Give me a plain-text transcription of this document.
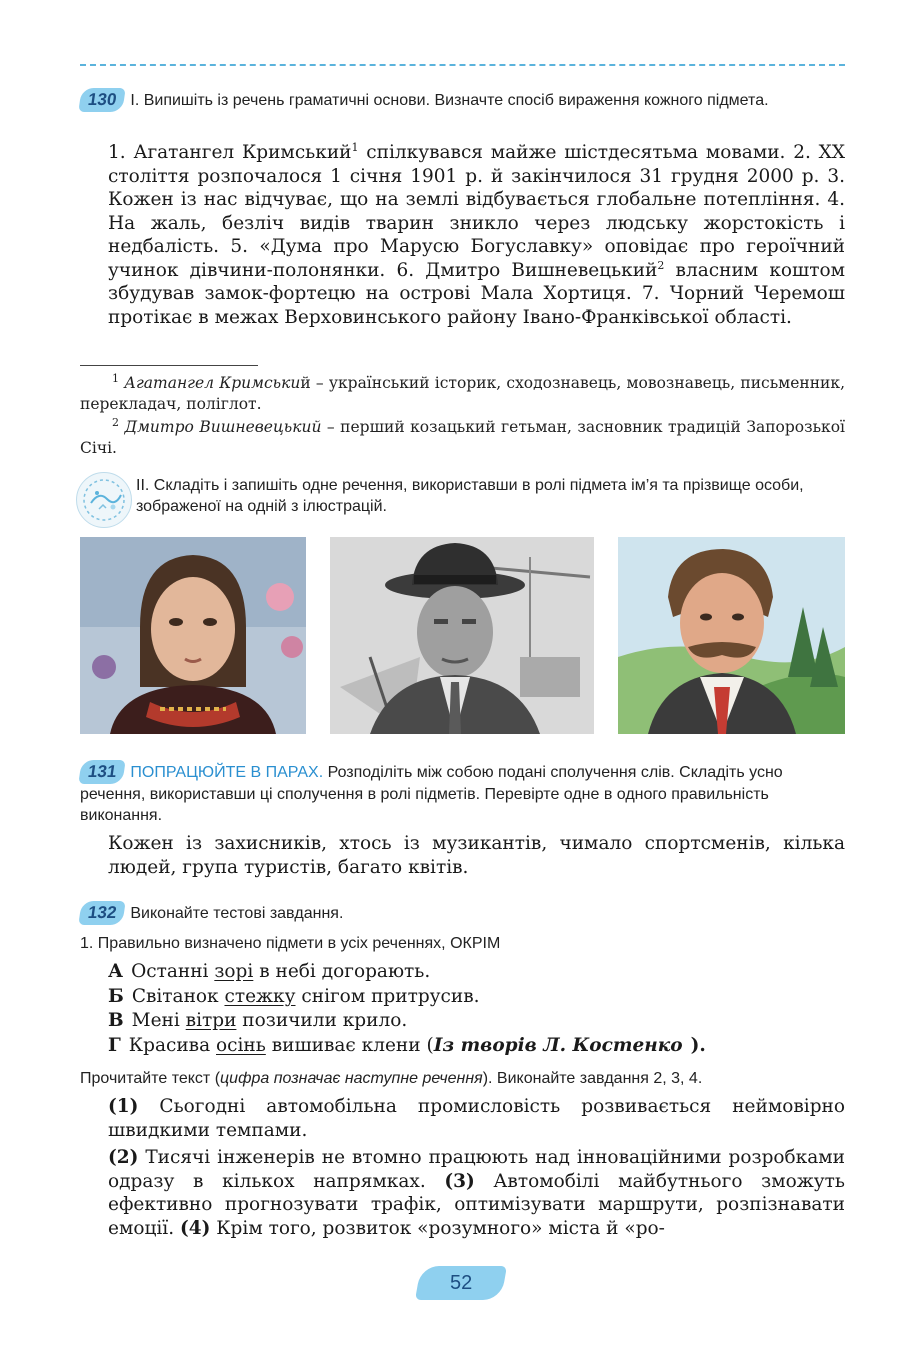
130 I. Випишіть із речень граматичні основи. Визначте спосіб вираження кожного підмета.
1. Агатангел Кримський$^1$ спілкувався майже шістдесятьма мовами. 2. XX століття розпочалося 1 січня 1901 р. й закінчилося 31 грудня 2000 р. 3. Кожен із нас відчуває, що на землі відбувається глобальне потепління. 4. На жаль, безліч видів тварин зникло через людську жорстокість і недбалість. 5. «Дума про Марусю Богуславку» оповідає про героїчний учинок дівчини-полонянки. 6. Дмитро Вишневецький$^2$ власним коштом збудував замок-фортецю на острові Мала Хортиця. 7. Чорний Черемош протікає в межах Верховинського району Івано-Франківської області.
$^1$ Агатангел Кримський – український історик, сходознавець, мовознавець, письменник, перекладач, поліглот.
$^2$ Дмитро Вишневецький – перший козацький гетьман, засновник традицій Запорозької Січі.
II. Складіть і запишіть одне речення, використавши в ролі підмета ім’я та прізвище особи, зображеної на одній з ілюстрацій.
131 ПОПРАЦЮЙТЕ В ПАРАХ. Розподіліть між собою подані сполучення слів. Складіть усно речення, використавши ці сполучення в ролі підметів. Перевірте одне в одного правильність виконання.
Кожен із захисників, хтось із музикантів, чимало спортсменів, кілька людей, група туристів, багато квітів.
132 Виконайте тестові завдання.
1. Правильно визначено підмети в усіх реченнях, ОКРІМ
А Останні зорі в небі догорають.
Б Світанок стежку снігом притрусив.
В Мені вітри позичили крило.
Г Красива осінь вишиває клени (Із творів Л. Костенко ).
Прочитайте текст (цифра позначає наступне речення). Виконайте завдання 2, 3, 4.
(1) Сьогодні автомобільна промисловість розвивається неймовірно швидкими темпами.
(2) Тисячі інженерів не втомно працюють над інноваційними розробками одразу в кількох напрямках. (3) Автомобілі майбутнього зможуть ефективно прогнозувати трафік, оптимізувати маршрути, розпізнавати емоції. (4) Крім того, розвиток «розумного» міста й «ро-
52
